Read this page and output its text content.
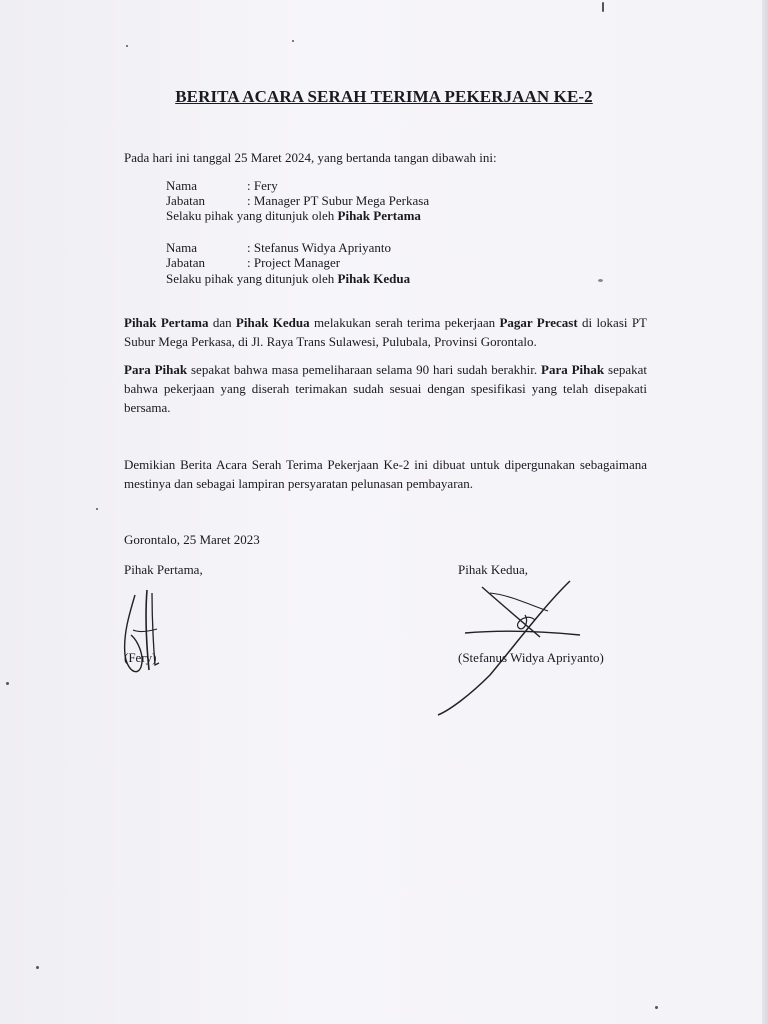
BERITA ACARA SERAH TERIMA PEKERJAAN KE-2
Pada hari ini tanggal 25 Maret 2024, yang bertanda tangan dibawah ini:
Nama	: Fery
Jabatan	: Manager PT Subur Mega Perkasa
Selaku pihak yang ditunjuk oleh Pihak Pertama
Nama	: Stefanus Widya Apriyanto
Jabatan	: Project Manager
Selaku pihak yang ditunjuk oleh Pihak Kedua
Pihak Pertama dan Pihak Kedua melakukan serah terima pekerjaan Pagar Precast di lokasi PT Subur Mega Perkasa, di Jl. Raya Trans Sulawesi, Pulubala, Provinsi Gorontalo.
Para Pihak sepakat bahwa masa pemeliharaan selama 90 hari sudah berakhir. Para Pihak sepakat bahwa pekerjaan yang diserah terimakan sudah sesuai dengan spesifikasi yang telah disepakati bersama.
Demikian Berita Acara Serah Terima Pekerjaan Ke-2 ini dibuat untuk dipergunakan sebagaimana mestinya dan sebagai lampiran persyaratan pelunasan pembayaran.
Gorontalo, 25 Maret 2023
Pihak Pertama,	Pihak Kedua,
(Fery)	(Stefanus Widya Apriyanto)
